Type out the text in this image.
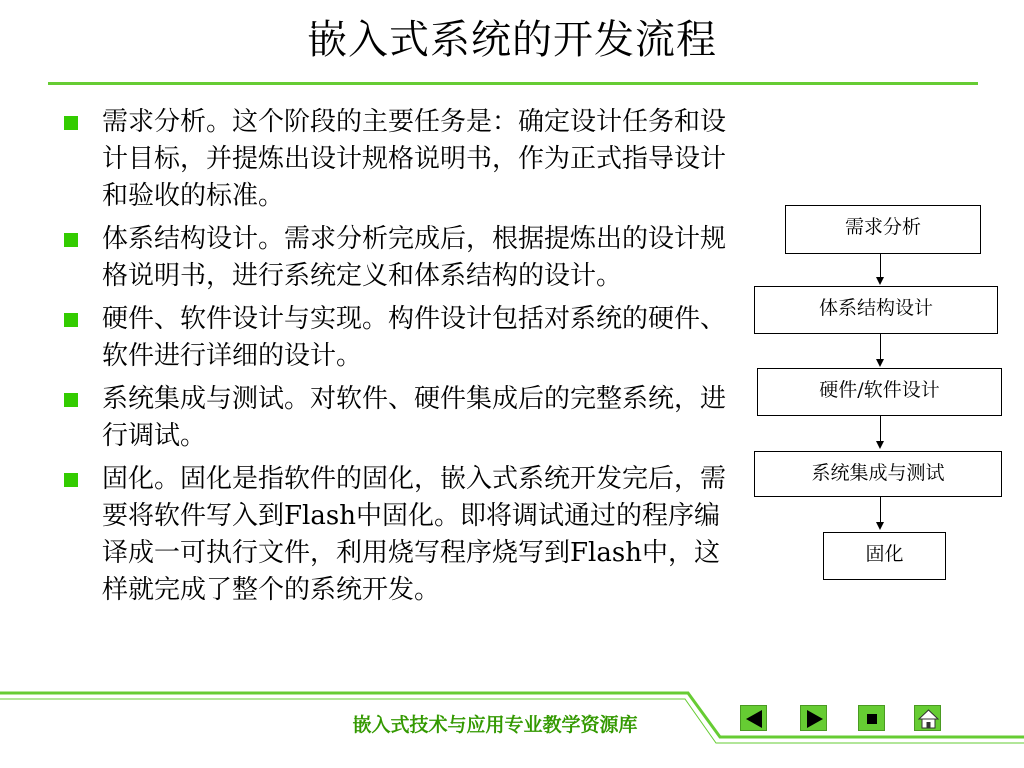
嵌入式系统的开发流程
需求分析。这个阶段的主要任务是：确定设计任务和设计目标，并提炼出设计规格说明书，作为正式指导设计和验收的标准。
体系结构设计。需求分析完成后，根据提炼出的设计规格说明书，进行系统定义和体系结构的设计。
硬件、软件设计与实现。构件设计包括对系统的硬件、软件进行详细的设计。
系统集成与测试。对软件、硬件集成后的完整系统，进行调试。
固化。固化是指软件的固化，嵌入式系统开发完后，需要将软件写入到Flash中固化。即将调试通过的程序编译成一可执行文件，利用烧写程序烧写到Flash中，这样就完成了整个的系统开发。
需求分析
体系结构设计
硬件/软件设计
系统集成与测试
固化
嵌入式技术与应用专业教学资源库
